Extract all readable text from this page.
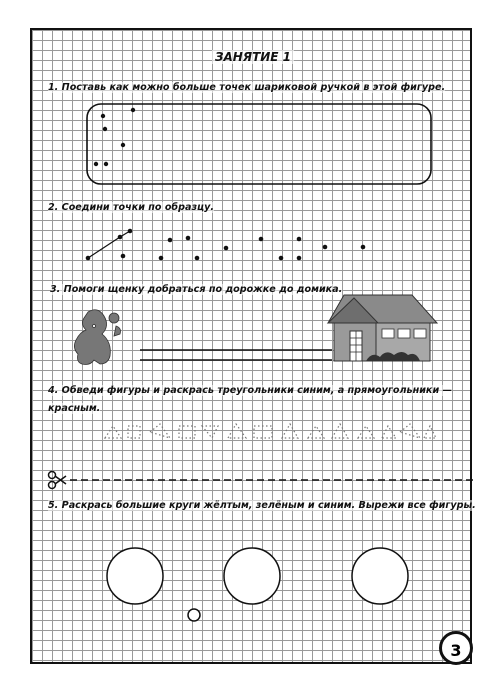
ЗАНЯТИЕ 1
1. Поставь как можно больше точек шариковой ручкой в этой фигуре.
2. Соедини точки по образцу.
3. Помоги щенку добраться по дорожке до домика.
4. Обведи фигуры и раскрась треугольники синим, а прямоугольники —
красным.
5. Раскрась большие круги жёлтым, зелёным и синим. Вырежи все фигуры.
3
